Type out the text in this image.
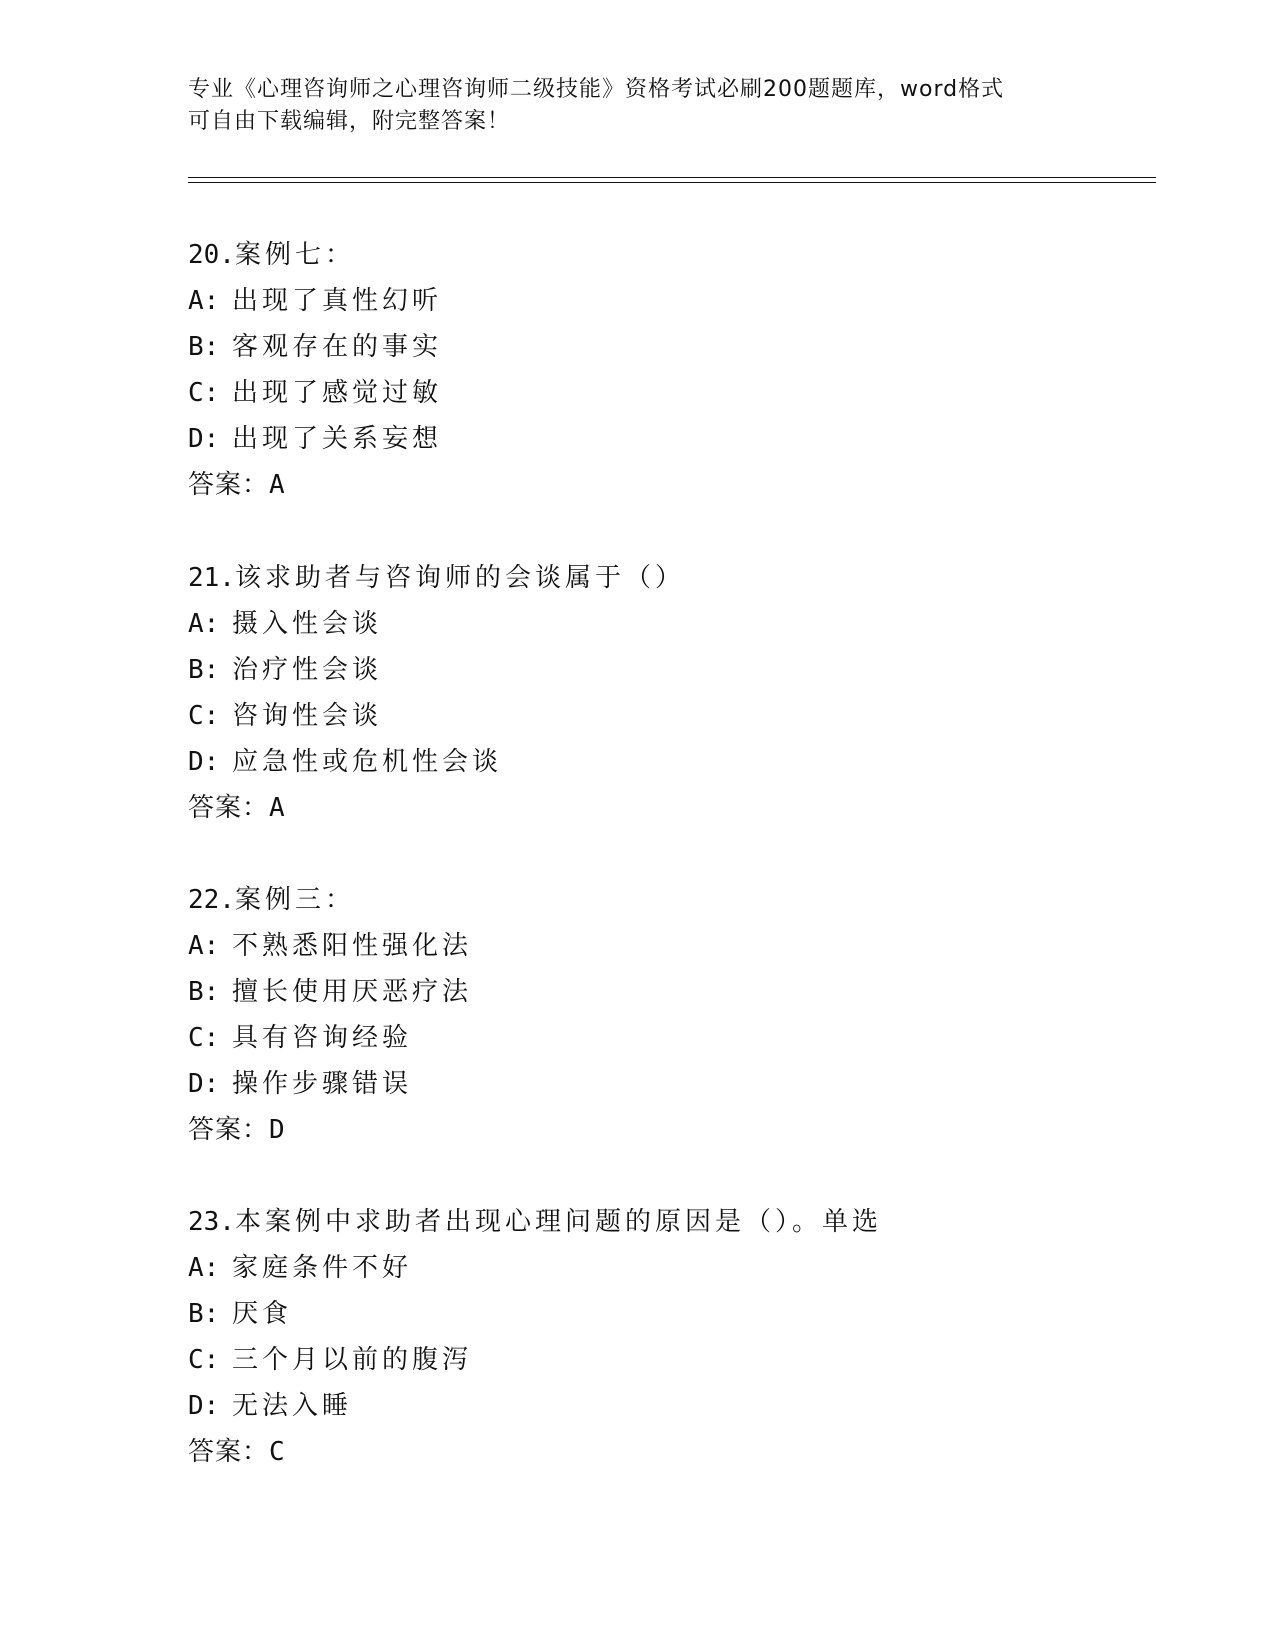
专业《心理咨询师之心理咨询师二级技能》资格考试必刷200题题库，word格式
可自由下载编辑，附完整答案！
20.案例七：
A: 出现了真性幻听
B: 客观存在的事实
C: 出现了感觉过敏
D: 出现了关系妄想
答案：A
21.该求助者与咨询师的会谈属于（）
A: 摄入性会谈
B: 治疗性会谈
C: 咨询性会谈
D: 应急性或危机性会谈
答案：A
22.案例三：
A: 不熟悉阳性强化法
B: 擅长使用厌恶疗法
C: 具有咨询经验
D: 操作步骤错误
答案：D
23.本案例中求助者出现心理问题的原因是（）。单选
A: 家庭条件不好
B: 厌食
C: 三个月以前的腹泻
D: 无法入睡
答案：C
